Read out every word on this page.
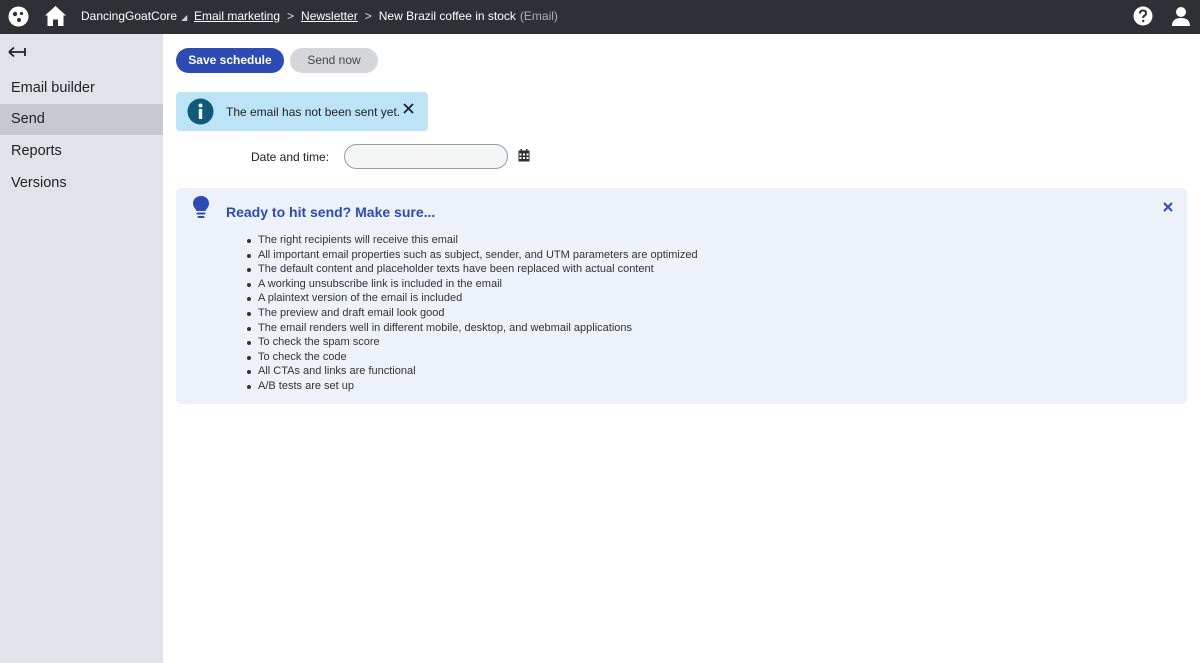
DancingGoatCore ◢ Email marketing > Newsletter > New Brazil coffee in stock (Email)
Email builder
Send
Reports
Versions
Save schedule	Send now
The email has not been sent yet.
Date and time:
Ready to hit send? Make sure...
The right recipients will receive this email
All important email properties such as subject, sender, and UTM parameters are optimized
The default content and placeholder texts have been replaced with actual content
A working unsubscribe link is included in the email
A plaintext version of the email is included
The preview and draft email look good
The email renders well in different mobile, desktop, and webmail applications
To check the spam score
To check the code
All CTAs and links are functional
A/B tests are set up
